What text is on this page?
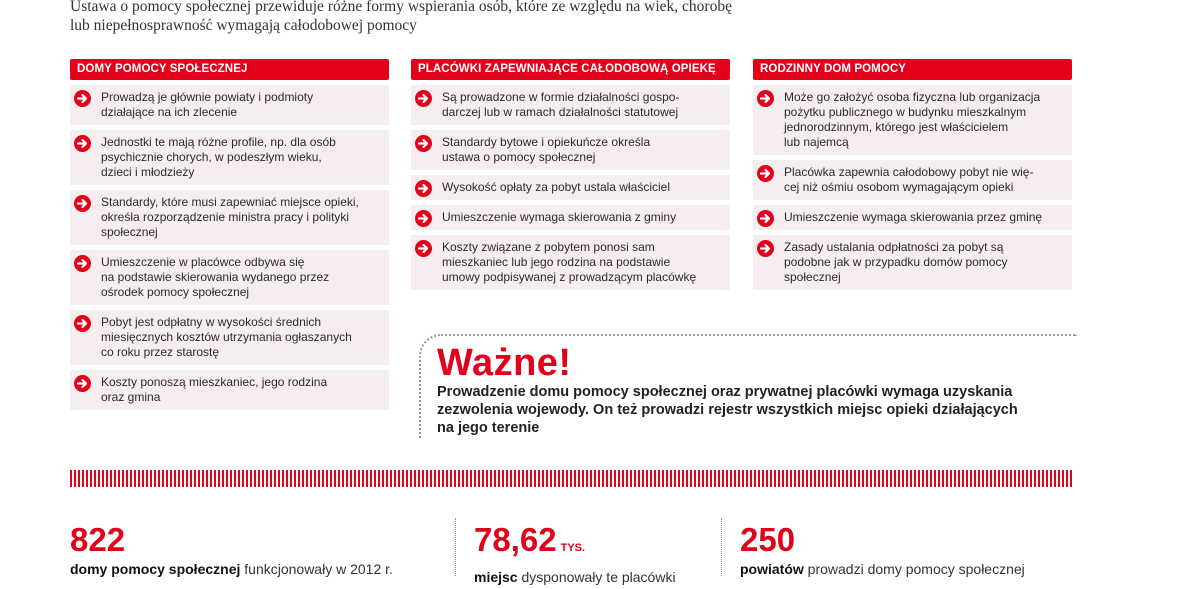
Ustawa o pomocy społecznej przewiduje różne formy wspierania osób, które ze względu na wiek, chorobę
lub niepełnosprawność wymagają całodobowej pomocy
DOMY POMOCY SPOŁECZNEJ
Prowadzą je głównie powiaty i podmioty
działające na ich zlecenie
Jednostki te mają różne profile, np. dla osób
psychicznie chorych, w podeszłym wieku,
dzieci i młodzieży
Standardy, które musi zapewniać miejsce opieki,
określa rozporządzenie ministra pracy i polityki
społecznej
Umieszczenie w placówce odbywa się
na podstawie skierowania wydanego przez
ośrodek pomocy społecznej
Pobyt jest odpłatny w wysokości średnich
miesięcznych kosztów utrzymania ogłaszanych
co roku przez starostę
Koszty ponoszą mieszkaniec, jego rodzina
oraz gmina
PLACÓWKI ZAPEWNIAJĄCE CAŁODOBOWĄ OPIEKĘ
Są prowadzone w formie działalności gospo-
darczej lub w ramach działalności statutowej
Standardy bytowe i opiekuńcze określa
ustawa o pomocy społecznej
Wysokość opłaty za pobyt ustala właściciel
Umieszczenie wymaga skierowania z gminy
Koszty związane z pobytem ponosi sam
mieszkaniec lub jego rodzina na podstawie
umowy podpisywanej z prowadzącym placówkę
RODZINNY DOM POMOCY
Może go założyć osoba fizyczna lub organizacja
pożytku publicznego w budynku mieszkalnym
jednorodzinnym, którego jest właścicielem
lub najemcą
Placówka zapewnia całodobowy pobyt nie wię-
cej niż ośmiu osobom wymagającym opieki
Umieszczenie wymaga skierowania przez gminę
Zasady ustalania odpłatności za pobyt są
podobne jak w przypadku domów pomocy
społecznej
Ważne!
Prowadzenie domu pomocy społecznej oraz prywatnej placówki wymaga uzyskania
zezwolenia wojewody. On też prowadzi rejestr wszystkich miejsc opieki działających
na jego terenie
822
domy pomocy społecznej funkcjonowały w 2012 r.
78,62 TYS.
miejsc dysponowały te placówki
250
powiatów prowadzi domy pomocy społecznej
